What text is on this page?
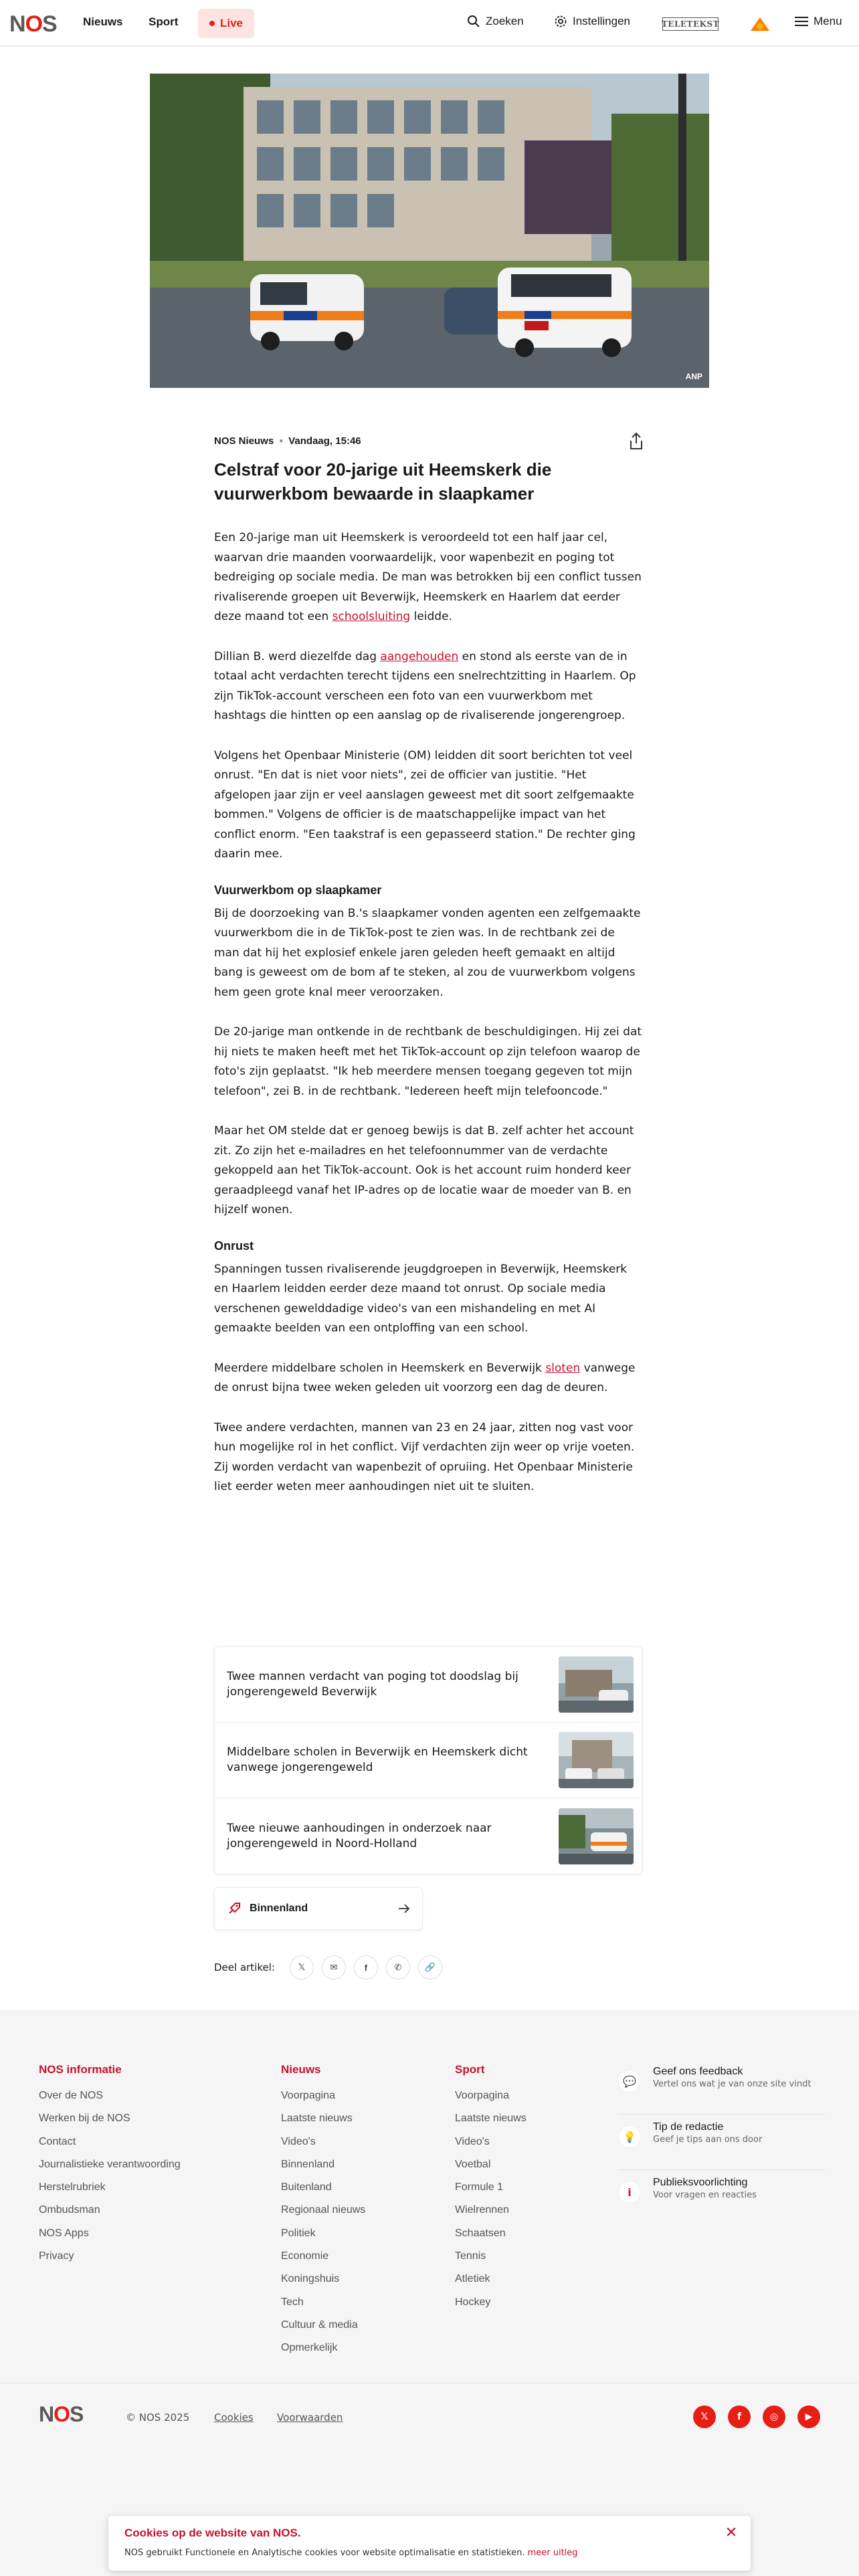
NOS Nieuws Sport	Live	Zoeken	Instellingen	TELETEKST	Menu
ANP
NOS Nieuws ● Vandaag, 15:46
Celstraf voor 20-jarige uit Heemskerk die vuurwerkbom bewaarde in slaapkamer

Een 20-jarige man uit Heemskerk is veroordeeld tot een half jaar cel, waarvan drie maanden voorwaardelijk, voor wapenbezit en poging tot bedreiging op sociale media. De man was betrokken bij een conflict tussen rivaliserende groepen uit Beverwijk, Heemskerk en Haarlem dat eerder deze maand tot een schoolsluiting leidde.

Dillian B. werd diezelfde dag aangehouden en stond als eerste van de in totaal acht verdachten terecht tijdens een snelrechtzitting in Haarlem. Op zijn TikTok-account verscheen een foto van een vuurwerkbom met hashtags die hintten op een aanslag op de rivaliserende jongerengroep.

Volgens het Openbaar Ministerie (OM) leidden dit soort berichten tot veel onrust. "En dat is niet voor niets", zei de officier van justitie. "Het afgelopen jaar zijn er veel aanslagen geweest met dit soort zelfgemaakte bommen." Volgens de officier is de maatschappelijke impact van het conflict enorm. "Een taakstraf is een gepasseerd station." De rechter ging daarin mee.

Vuurwerkbom op slaapkamer

Bij de doorzoeking van B.'s slaapkamer vonden agenten een zelfgemaakte vuurwerkbom die in de TikTok-post te zien was. In de rechtbank zei de man dat hij het explosief enkele jaren geleden heeft gemaakt en altijd bang is geweest om de bom af te steken, al zou de vuurwerkbom volgens hem geen grote knal meer veroorzaken.

De 20-jarige man ontkende in de rechtbank de beschuldigingen. Hij zei dat hij niets te maken heeft met het TikTok-account op zijn telefoon waarop de foto's zijn geplaatst. "Ik heb meerdere mensen toegang gegeven tot mijn telefoon", zei B. in de rechtbank. "Iedereen heeft mijn telefooncode."

Maar het OM stelde dat er genoeg bewijs is dat B. zelf achter het account zit. Zo zijn het e-mailadres en het telefoonnummer van de verdachte gekoppeld aan het TikTok-account. Ook is het account ruim honderd keer geraadpleegd vanaf het IP-adres op de locatie waar de moeder van B. en hijzelf wonen.

Onrust

Spanningen tussen rivaliserende jeugdgroepen in Beverwijk, Heemskerk en Haarlem leidden eerder deze maand tot onrust. Op sociale media verschenen gewelddadige video's van een mishandeling en met AI gemaakte beelden van een ontploffing van een school.

Meerdere middelbare scholen in Heemskerk en Beverwijk sloten vanwege de onrust bijna twee weken geleden uit voorzorg een dag de deuren.

Twee andere verdachten, mannen van 23 en 24 jaar, zitten nog vast voor hun mogelijke rol in het conflict. Vijf verdachten zijn weer op vrije voeten. Zij worden verdacht van wapenbezit of opruiing. Het Openbaar Ministerie liet eerder weten meer aanhoudingen niet uit te sluiten.

Twee mannen verdacht van poging tot doodslag bij jongerengeweld Beverwijk
Middelbare scholen in Beverwijk en Heemskerk dicht vanwege jongerengeweld
Twee nieuwe aanhoudingen in onderzoek naar jongerengeweld in Noord-Holland
Binnenland
Deel artikel:	𝕏	✉	f	✆	🔗
NOS informatie
Over de NOS
Werken bij de NOS
Contact
Journalistieke verantwoording
Herstelrubriek
Ombudsman
NOS Apps
Privacy
Nieuws
Voorpagina
Laatste nieuws
Video's
Binnenland
Buitenland
Regionaal nieuws
Politiek
Economie
Koningshuis
Tech
Cultuur & media
Opmerkelijk
Sport
Voorpagina
Laatste nieuws
Video's
Voetbal
Formule 1
Wielrennen
Schaatsen
Tennis
Atletiek
Hockey
💬
Geef ons feedback
Vertel ons wat je van onze site vindt
💡
Tip de redactie
Geef je tips aan ons door
i
Publieksvoorlichting
Voor vragen en reacties
NOS	© NOS 2025 Cookies Voorwaarden	𝕏	f	◎	▶
Cookies op de website van NOS.
NOS gebruikt Functionele en Analytische cookies voor website optimalisatie en statistieken. meer uitleg
✕
